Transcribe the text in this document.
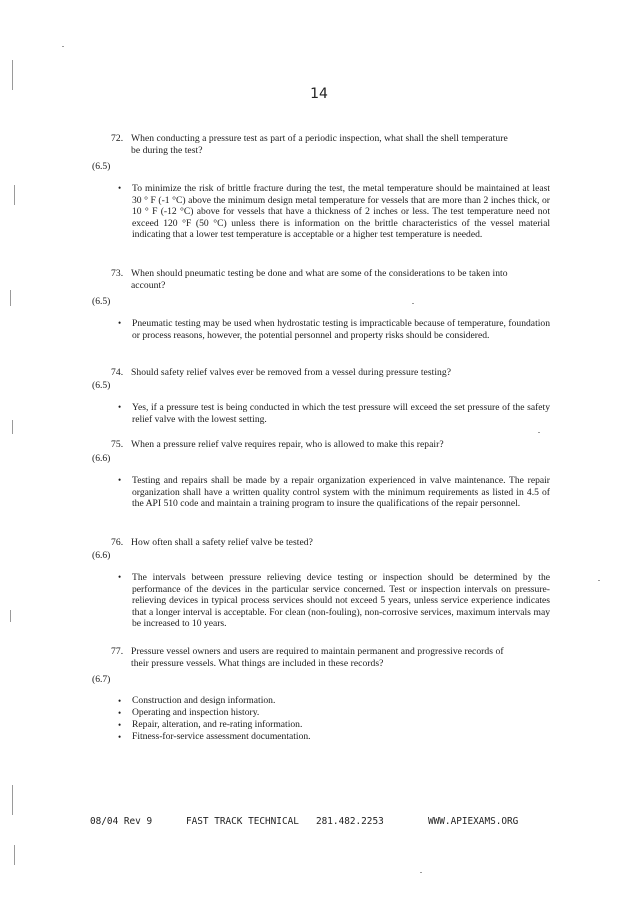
14
72. When conducting a pressure test as part of a periodic inspection, what shall the shell temperature
be during the test?
(6.5)
•	To minimize the risk of brittle fracture during the test, the metal temperature should be maintained at least 30 ° F (-1 °C) above the minimum design metal temperature for vessels that are more than 2 inches thick, or 10 ° F (-12 °C) above for vessels that have a thickness of 2 inches or less. The test temperature need not exceed 120 °F (50 °C) unless there is information on the brittle characteristics of the vessel material indicating that a lower test temperature is acceptable or a higher test temperature is needed.
73. When should pneumatic testing be done and what are some of the considerations to be taken into
account?
(6.5)
•	Pneumatic testing may be used when hydrostatic testing is impracticable because of temperature, foundation or process reasons, however, the potential personnel and property risks should be considered.
74. Should safety relief valves ever be removed from a vessel during pressure testing?
(6.5)
•	Yes, if a pressure test is being conducted in which the test pressure will exceed the set pressure of the safety relief valve with the lowest setting.
75. When a pressure relief valve requires repair, who is allowed to make this repair?
(6.6)
•	Testing and repairs shall be made by a repair organization experienced in valve maintenance. The repair organization shall have a written quality control system with the minimum requirements as listed in 4.5 of the API 510 code and maintain a training program to insure the qualifications of the repair personnel.
76. How often shall a safety relief valve be tested?
(6.6)
•	The intervals between pressure relieving device testing or inspection should be determined by the performance of the devices in the particular service concerned. Test or inspection intervals on pressure-relieving devices in typical process services should not exceed 5 years, unless service experience indicates that a longer interval is acceptable. For clean (non-fouling), non-corrosive services, maximum intervals may be increased to 10 years.
77. Pressure vessel owners and users are required to maintain permanent and progressive records of
their pressure vessels. What things are included in these records?
(6.7)
• Construction and design information.
• Operating and inspection history.
• Repair, alteration, and re-rating information.
• Fitness-for-service assessment documentation.
08/04 Rev 9	FAST TRACK TECHNICAL 281.482.2253	WWW.APIEXAMS.ORG
